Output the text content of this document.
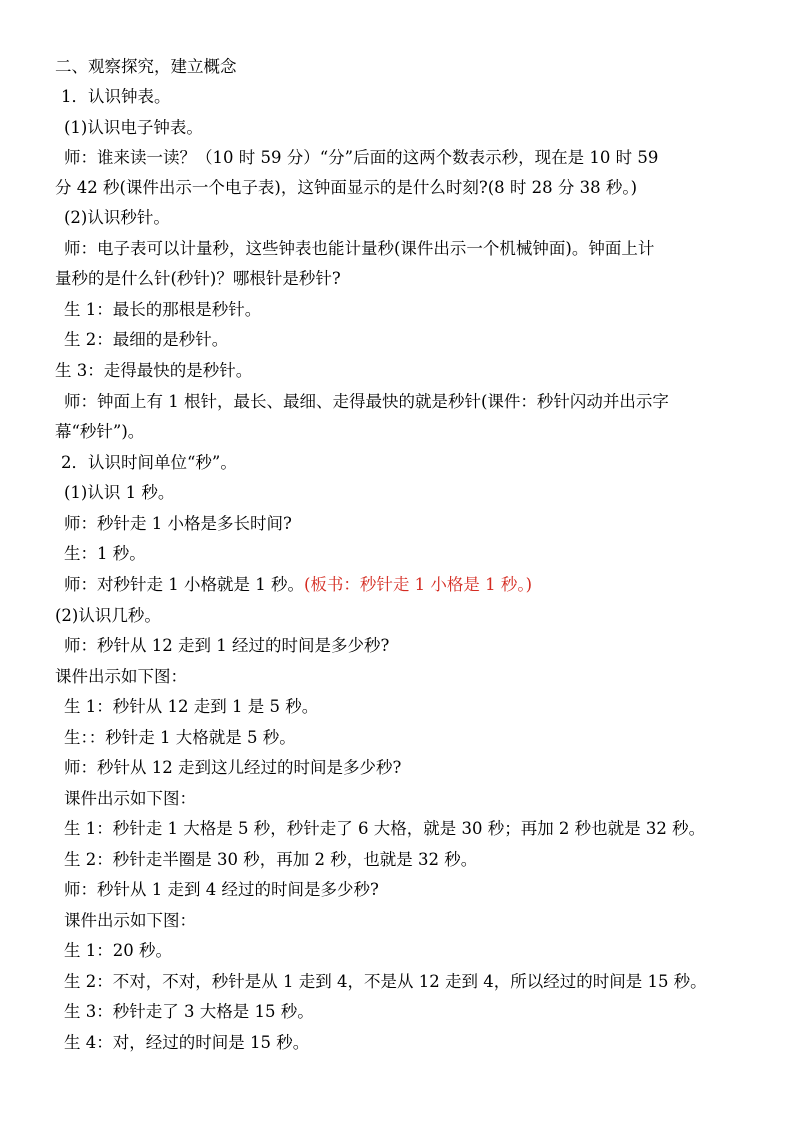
二、观察探究，建立概念
1．认识钟表。
(1)认识电子钟表。
师：谁来读一读？（10 时 59 分）“分”后面的这两个数表示秒，现在是 10 时 59
分 42 秒(课件出示一个电子表)，这钟面显示的是什么时刻?(8 时 28 分 38 秒。)
(2)认识秒针。
师：电子表可以计量秒，这些钟表也能计量秒(课件出示一个机械钟面)。钟面上计
量秒的是什么针(秒针)？哪根针是秒针?
生 1：最长的那根是秒针。
生 2：最细的是秒针。
生 3：走得最快的是秒针。
师：钟面上有 1 根针，最长、最细、走得最快的就是秒针(课件：秒针闪动并出示字
幕“秒针”)。
2．认识时间单位“秒”。
(1)认识 1 秒。
师：秒针走 1 小格是多长时间?
生：1 秒。
师：对秒针走 1 小格就是 1 秒。(板书：秒针走 1 小格是 1 秒。)
(2)认识几秒。
师：秒针从 12 走到 1 经过的时间是多少秒?
课件出示如下图：
生 1：秒针从 12 走到 1 是 5 秒。
生：：秒针走 1 大格就是 5 秒。
师：秒针从 12 走到这儿经过的时间是多少秒?
课件出示如下图：
生 1：秒针走 1 大格是 5 秒，秒针走了 6 大格，就是 30 秒；再加 2 秒也就是 32 秒。
生 2：秒针走半圈是 30 秒，再加 2 秒，也就是 32 秒。
师：秒针从 1 走到 4 经过的时间是多少秒?
课件出示如下图：
生 1：20 秒。
生 2：不对，不对，秒针是从 1 走到 4，不是从 12 走到 4，所以经过的时间是 15 秒。
生 3：秒针走了 3 大格是 15 秒。
生 4：对，经过的时间是 15 秒。
